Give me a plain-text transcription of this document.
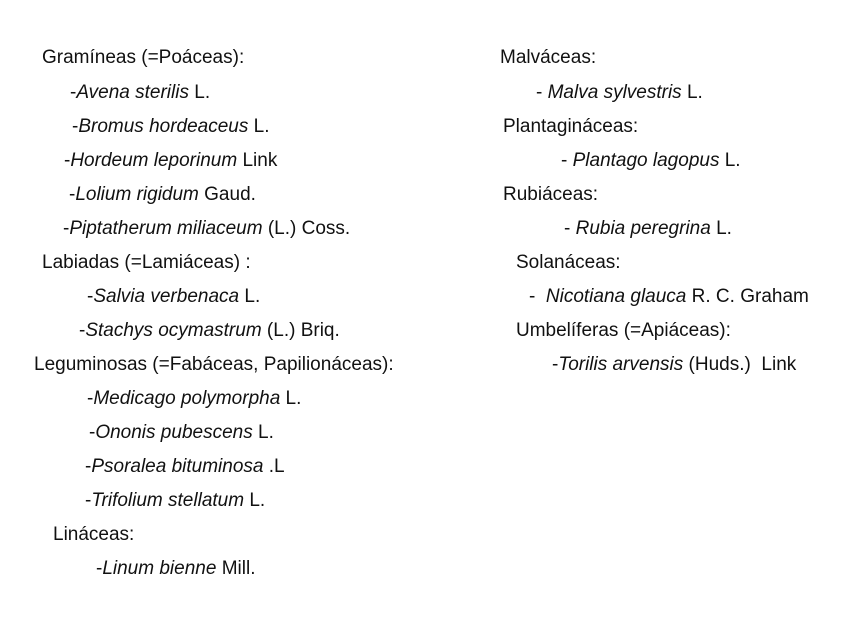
Gramíneas (=Poáceas):
-Avena sterilis L.
-Bromus hordeaceus L.
-Hordeum leporinum Link
-Lolium rigidum Gaud.
-Piptatherum miliaceum (L.) Coss.
Labiadas (=Lamiáceas) :
-Salvia verbenaca L.
-Stachys ocymastrum (L.) Briq.
Leguminosas (=Fabáceas, Papilionáceas):
-Medicago polymorpha L.
-Ononis pubescens L.
-Psoralea bituminosa .L
-Trifolium stellatum L.
Lináceas:
-Linum bienne Mill.
Malváceas:
- Malva sylvestris L.
Plantagináceas:
- Plantago lagopus L.
Rubiáceas:
- Rubia peregrina L.
Solanáceas:
-  Nicotiana glauca R. C. Graham
Umbelíferas (=Apiáceas):
-Torilis arvensis (Huds.)  Link
